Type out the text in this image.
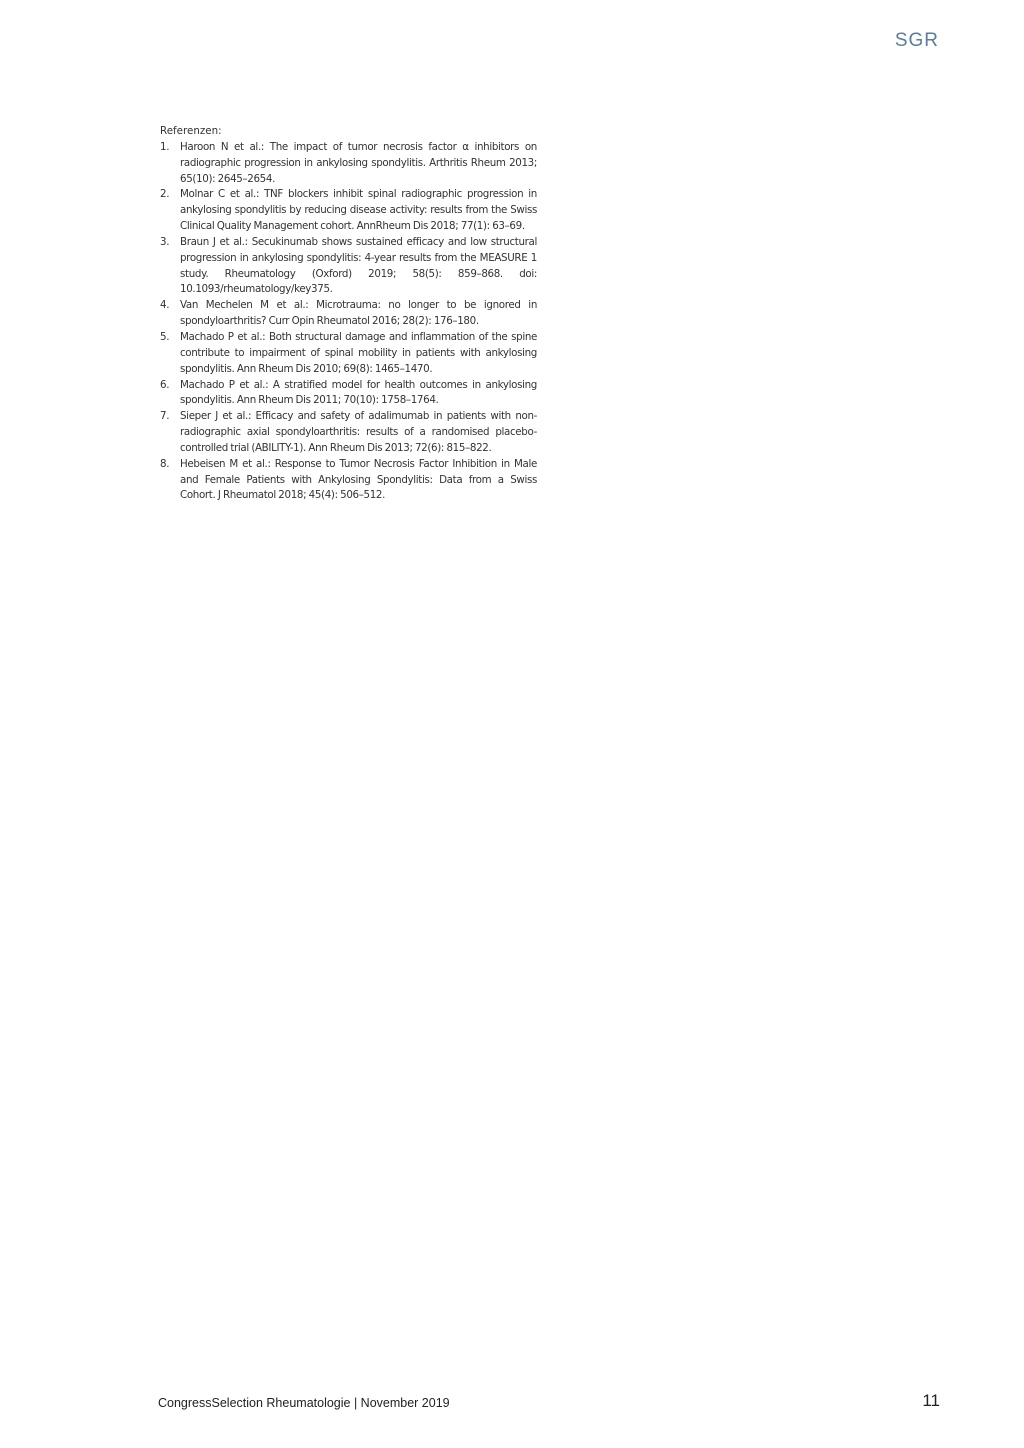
SGR

Referenzen:

1. Haroon N et al.: The impact of tumor necrosis factor α inhibitors on radiographic progression in ankylosing spondylitis. Arthritis Rheum 2013; 65(10): 2645–2654.
2. Molnar C et al.: TNF blockers inhibit spinal radiographic progression in ankylosing spondylitis by reducing disease activity: results from the Swiss Clinical Quality Management cohort. AnnRheum Dis 2018; 77(1): 63–69.
3. Braun J et al.: Secukinumab shows sustained efficacy and low structural progression in ankylosing spondylitis: 4-year results from the MEASURE 1 study. Rheumatology (Oxford) 2019; 58(5): 859–868. doi: 10.1093/rheumatology/key375.
4. Van Mechelen M et al.: Microtrauma: no longer to be ignored in spondyloarthritis? Curr Opin Rheumatol 2016; 28(2): 176–180.
5. Machado P et al.: Both structural damage and inflammation of the spine contribute to impairment of spinal mobility in patients with ankylosing spondylitis. Ann Rheum Dis 2010; 69(8): 1465–1470.
6. Machado P et al.: A stratified model for health outcomes in ankylosing spondylitis. Ann Rheum Dis 2011; 70(10): 1758–1764.
7. Sieper J et al.: Efficacy and safety of adalimumab in patients with non-radiographic axial spondyloarthritis: results of a randomised placebo-controlled trial (ABILITY-1). Ann Rheum Dis 2013; 72(6): 815–822.
8. Hebeisen M et al.: Response to Tumor Necrosis Factor Inhibition in Male and Female Patients with Ankylosing Spondylitis: Data from a Swiss Cohort. J Rheumatol 2018; 45(4): 506–512.
CongressSelection Rheumatologie | November 2019	11
